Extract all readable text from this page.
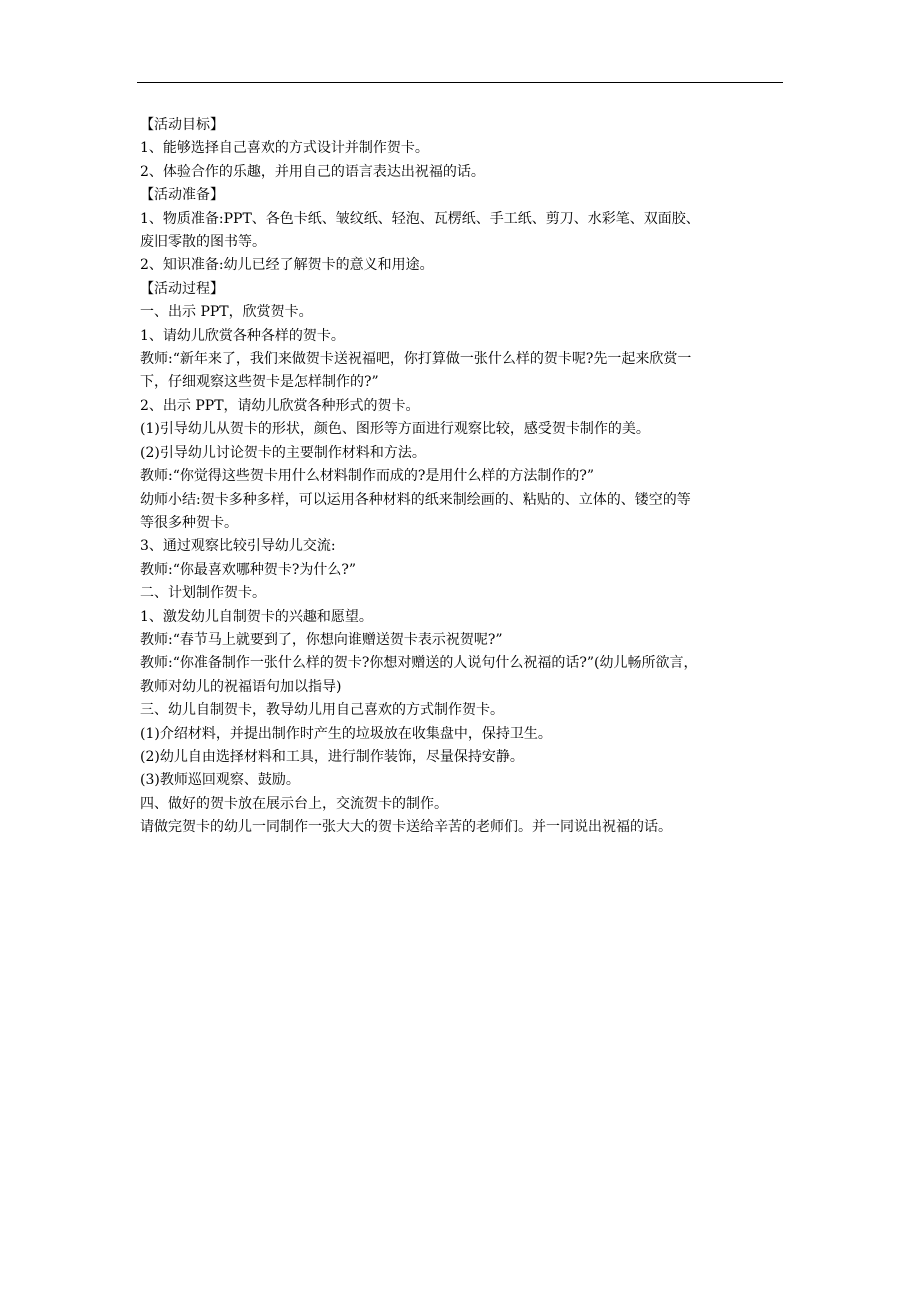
【活动目标】

1、能够选择自己喜欢的方式设计并制作贺卡。

2、体验合作的乐趣，并用自己的语言表达出祝福的话。

【活动准备】

1、物质准备:PPT、各色卡纸、皱纹纸、轻泡、瓦楞纸、手工纸、剪刀、水彩笔、双面胶、

废旧零散的图书等。

2、知识准备:幼儿已经了解贺卡的意义和用途。

【活动过程】

一、出示 PPT，欣赏贺卡。

1、请幼儿欣赏各种各样的贺卡。

教师:“新年来了，我们来做贺卡送祝福吧，你打算做一张什么样的贺卡呢?先一起来欣赏一

下，仔细观察这些贺卡是怎样制作的?”

2、出示 PPT，请幼儿欣赏各种形式的贺卡。

(1)引导幼儿从贺卡的形状，颜色、图形等方面进行观察比较，感受贺卡制作的美。

(2)引导幼儿讨论贺卡的主要制作材料和方法。

教师:“你觉得这些贺卡用什么材料制作而成的?是用什么样的方法制作的?”

幼师小结:贺卡多种多样，可以运用各种材料的纸来制绘画的、粘贴的、立体的、镂空的等

等很多种贺卡。

3、通过观察比较引导幼儿交流:

教师:“你最喜欢哪种贺卡?为什么?”

二、计划制作贺卡。

1、激发幼儿自制贺卡的兴趣和愿望。

教师:“春节马上就要到了，你想向谁赠送贺卡表示祝贺呢?”

教师:“你准备制作一张什么样的贺卡?你想对赠送的人说句什么祝福的话?”(幼儿畅所欲言，

教师对幼儿的祝福语句加以指导)

三、幼儿自制贺卡，教导幼儿用自己喜欢的方式制作贺卡。

(1)介绍材料，并提出制作时产生的垃圾放在收集盘中，保持卫生。

(2)幼儿自由选择材料和工具，进行制作装饰，尽量保持安静。

(3)教师巡回观察、鼓励。

四、做好的贺卡放在展示台上，交流贺卡的制作。

请做完贺卡的幼儿一同制作一张大大的贺卡送给辛苦的老师们。并一同说出祝福的话。
